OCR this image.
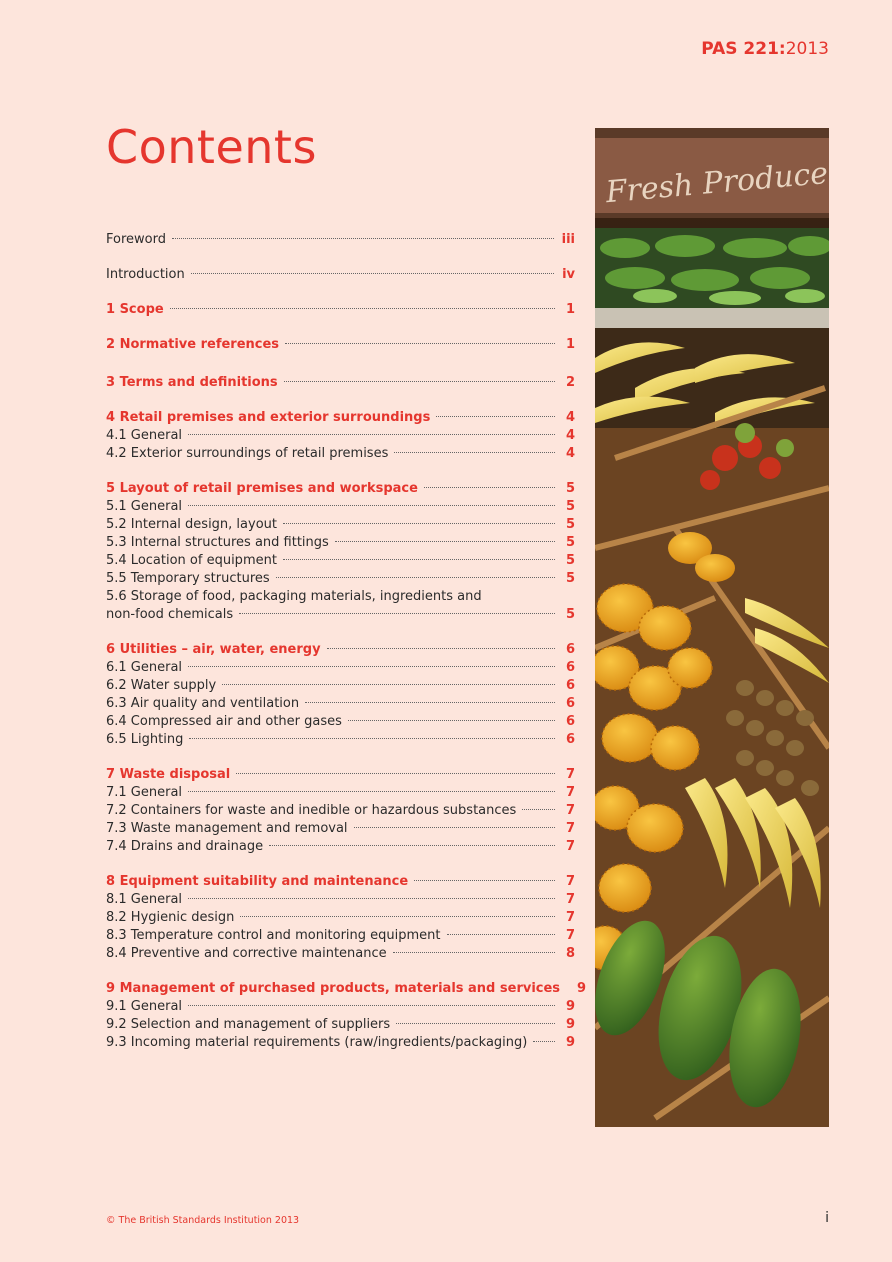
PAS 221:2013
Contents
Foreword	iii
Introduction	iv
1 Scope	1
2 Normative references	1
3 Terms and definitions	2
4 Retail premises and exterior surroundings	4
4.1 General	4
4.2 Exterior surroundings of retail premises	4
5 Layout of retail premises and workspace	5
5.1 General	5
5.2 Internal design, layout	5
5.3 Internal structures and fittings	5
5.4 Location of equipment	5
5.5 Temporary structures	5
5.6 Storage of food, packaging materials, ingredients and
non-food chemicals	5
6 Utilities – air, water, energy	6
6.1 General	6
6.2 Water supply	6
6.3 Air quality and ventilation	6
6.4 Compressed air and other gases	6
6.5 Lighting	6
7 Waste disposal	7
7.1 General	7
7.2 Containers for waste and inedible or hazardous substances	7
7.3 Waste management and removal	7
7.4 Drains and drainage	7
8 Equipment suitability and maintenance	7
8.1 General	7
8.2 Hygienic design	7
8.3 Temperature control and monitoring equipment	7
8.4 Preventive and corrective maintenance	8
9 Management of purchased products, materials and services 9
9.1 General	9
9.2 Selection and management of suppliers	9
9.3 Incoming material requirements (raw/ingredients/packaging)	9
Fresh Produce
© The British Standards Institution 2013	i
